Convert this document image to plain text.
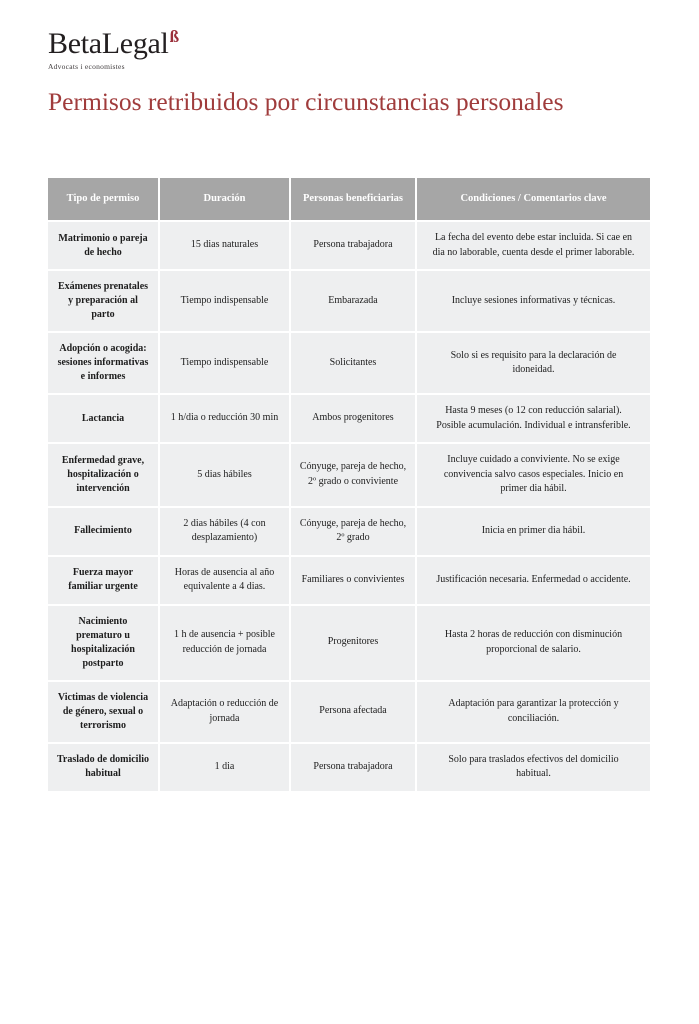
BetaLegal$^ß$
Advocats i economistes
Permisos retribuidos por circunstancias personales
Tipo de permiso	Duración	Personas beneficiarias	Condiciones / Comentarios clave
Matrimonio o pareja de hecho	15 dias naturales	Persona trabajadora	La fecha del evento debe estar incluida. Si cae en dia no laborable, cuenta desde el primer laborable.
Exámenes prenatales y preparación al parto	Tiempo indispensable	Embarazada	Incluye sesiones informativas y técnicas.
Adopción o acogida: sesiones informativas e informes	Tiempo indispensable	Solicitantes	Solo si es requisito para la declaración de idoneidad.
Lactancia	1 h/dia o reducción 30 min	Ambos progenitores	Hasta 9 meses (o 12 con reducción salarial). Posible acumulación. Individual e intransferible.
Enfermedad grave, hospitalización o intervención	5 dias hábiles	Cónyuge, pareja de hecho, 2º grado o conviviente	Incluye cuidado a conviviente. No se exige convivencia salvo casos especiales. Inicio en primer dia hábil.
Fallecimiento	2 dias hábiles (4 con desplazamiento)	Cónyuge, pareja de hecho, 2º grado	Inicia en primer dia hábil.
Fuerza mayor familiar urgente	Horas de ausencia al año equivalente a 4 dias.	Familiares o convivientes	Justificación necesaria. Enfermedad o accidente.
Nacimiento prematuro u hospitalización postparto	1 h de ausencia + posible reducción de jornada	Progenitores	Hasta 2 horas de reducción con disminución proporcional de salario.
Victimas de violencia de género, sexual o terrorismo	Adaptación o reducción de jornada	Persona afectada	Adaptación para garantizar la protección y conciliación.
Traslado de domicilio habitual	1 dia	Persona trabajadora	Solo para traslados efectivos del domicilio habitual.
